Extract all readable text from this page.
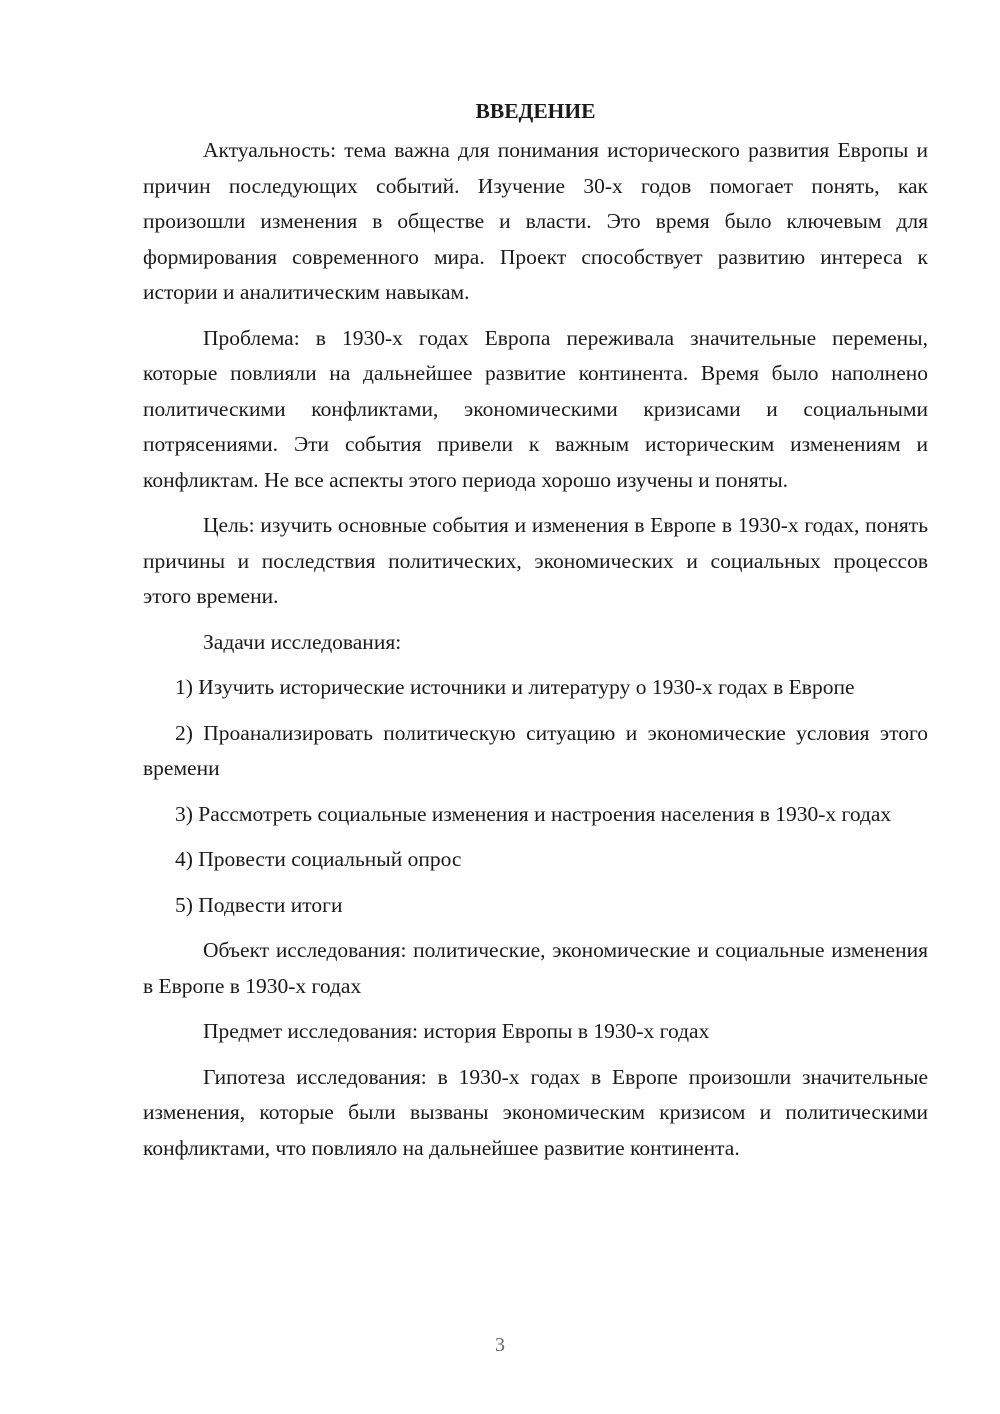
ВВЕДЕНИЕ

Актуальность: тема важна для понимания исторического развития Европы и причин последующих событий. Изучение 30-х годов помогает понять, как произошли изменения в обществе и власти. Это время было ключевым для формирования современного мира. Проект способствует развитию интереса к истории и аналитическим навыкам.

Проблема: в 1930-х годах Европа переживала значительные перемены, которые повлияли на дальнейшее развитие континента. Время было наполнено политическими конфликтами, экономическими кризисами и социальными потрясениями. Эти события привели к важным историческим изменениям и конфликтам. Не все аспекты этого периода хорошо изучены и поняты.

Цель: изучить основные события и изменения в Европе в 1930-х годах, понять причины и последствия политических, экономических и социальных процессов этого времени.

Задачи исследования:

1) Изучить исторические источники и литературу о 1930-х годах в Европе

2) Проанализировать политическую ситуацию и экономические условия этого времени

3) Рассмотреть социальные изменения и настроения населения в 1930-х годах

4) Провести социальный опрос

5) Подвести итоги

Объект исследования: политические, экономические и социальные изменения в Европе в 1930-х годах

Предмет исследования: история Европы в 1930-х годах

Гипотеза исследования: в 1930-х годах в Европе произошли значительные изменения, которые были вызваны экономическим кризисом и политическими конфликтами, что повлияло на дальнейшее развитие континента.

3
